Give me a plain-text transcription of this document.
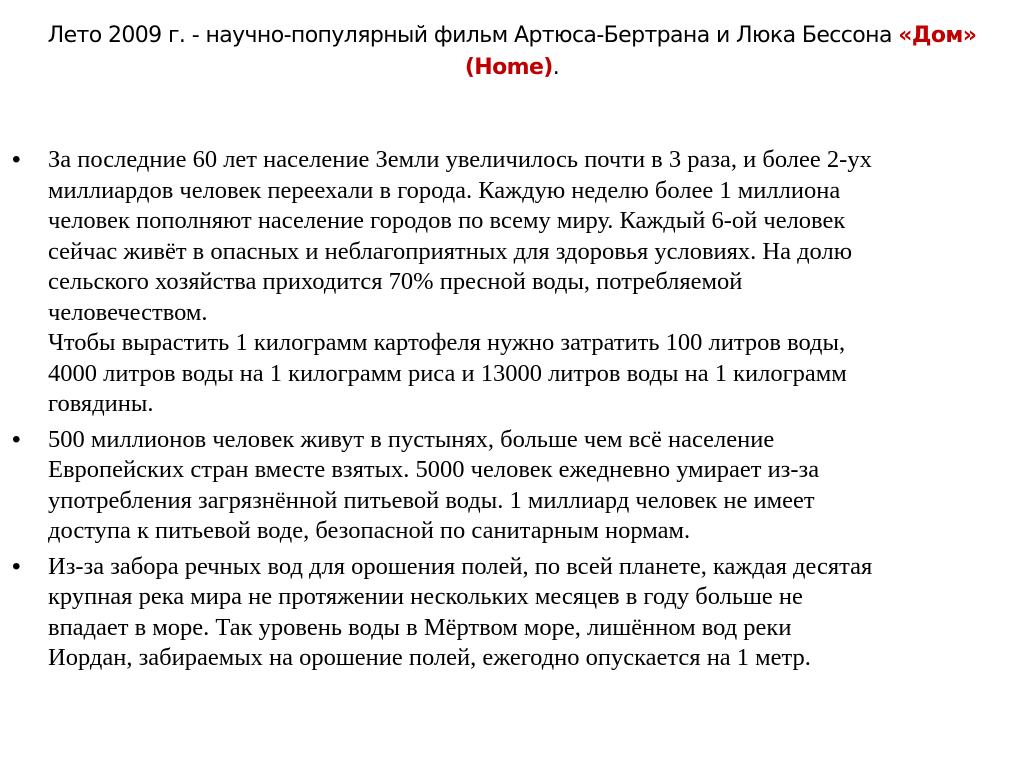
Лето 2009 г. - научно-популярный фильм Артюса-Бертрана и Люка Бессона «Дом»
(Home).
• За последние 60 лет население Земли увеличилось почти в 3 раза, и более 2-ух
миллиардов человек переехали в города. Каждую неделю более 1 миллиона
человек пополняют население городов по всему миру. Каждый 6-ой человек
сейчас живёт в опасных и неблагоприятных для здоровья условиях. На долю
сельского хозяйства приходится 70% пресной воды, потребляемой
человечеством.
Чтобы вырастить 1 килограмм картофеля нужно затратить 100 литров воды,
4000 литров воды на 1 килограмм риса и 13000 литров воды на 1 килограмм
говядины.
• 500 миллионов человек живут в пустынях, больше чем всё население
Европейских стран вместе взятых. 5000 человек ежедневно умирает из-за
употребления загрязнённой питьевой воды. 1 миллиард человек не имеет
доступа к питьевой воде, безопасной по санитарным нормам.
• Из-за забора речных вод для орошения полей, по всей планете, каждая десятая
крупная река мира не протяжении нескольких месяцев в году больше не
впадает в море. Так уровень воды в Мёртвом море, лишённом вод реки
Иордан, забираемых на орошение полей, ежегодно опускается на 1 метр.
